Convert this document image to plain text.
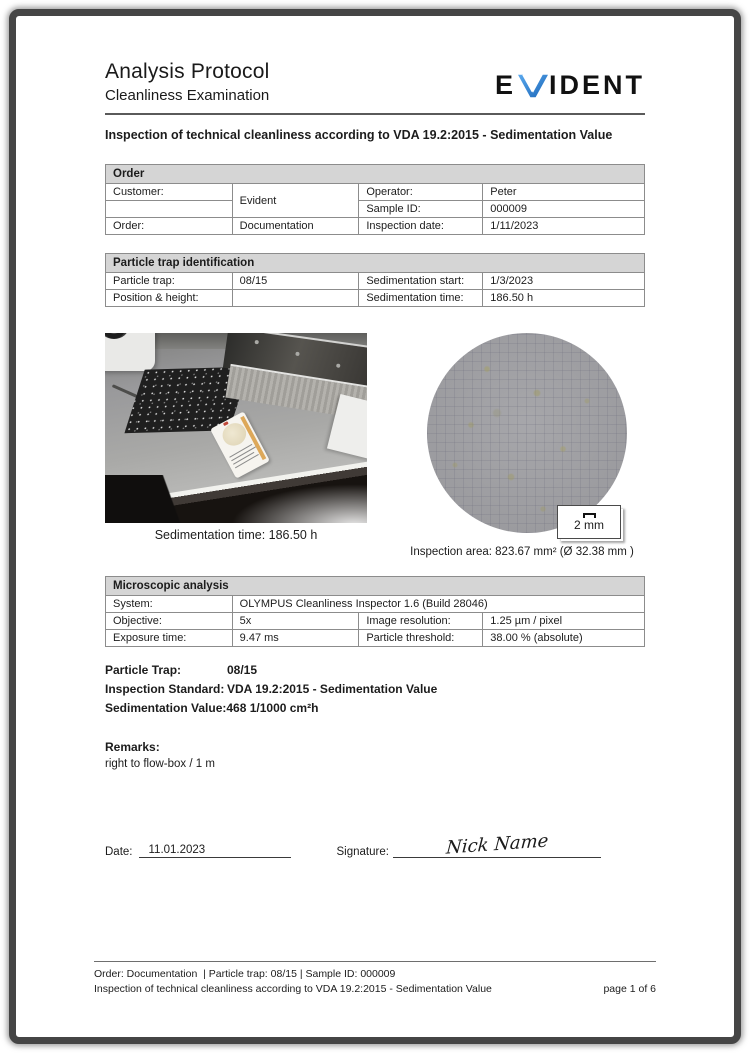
Analysis Protocol
Cleanliness Examination	E IDENT
Inspection of technical cleanliness according to VDA 19.2:2015 - Sedimentation Value
Order			
Customer:	Evident	Operator:	Peter
		Sample ID:	000009
Order:	Documentation	Inspection date:	1/11/2023
Particle trap identification			
Particle trap:	08/15	Sedimentation start:	1/3/2023
Position & height:		Sedimentation time:	186.50 h
Sedimentation time: 186.50 h
2 mm
Inspection area: 823.67 mm² (Ø 32.38 mm )
Microscopic analysis			
System:	OLYMPUS Cleanliness Inspector 1.6 (Build 28046)		
Objective:	5x	Image resolution:	1.25 µm / pixel
Exposure time:	9.47 ms	Particle threshold:	38.00 % (absolute)
Particle Trap:	08/15
Inspection Standard: VDA 19.2:2015 - Sedimentation Value
Sedimentation Value: 468 1/1000 cm²h
Remarks:
right to flow-box / 1 m
Date:	11.01.2023	Signature:	Nick Name
Order: Documentation  | Particle trap: 08/15 | Sample ID: 000009
Inspection of technical cleanliness according to VDA 19.2:2015 - Sedimentation Value	page 1 of 6
